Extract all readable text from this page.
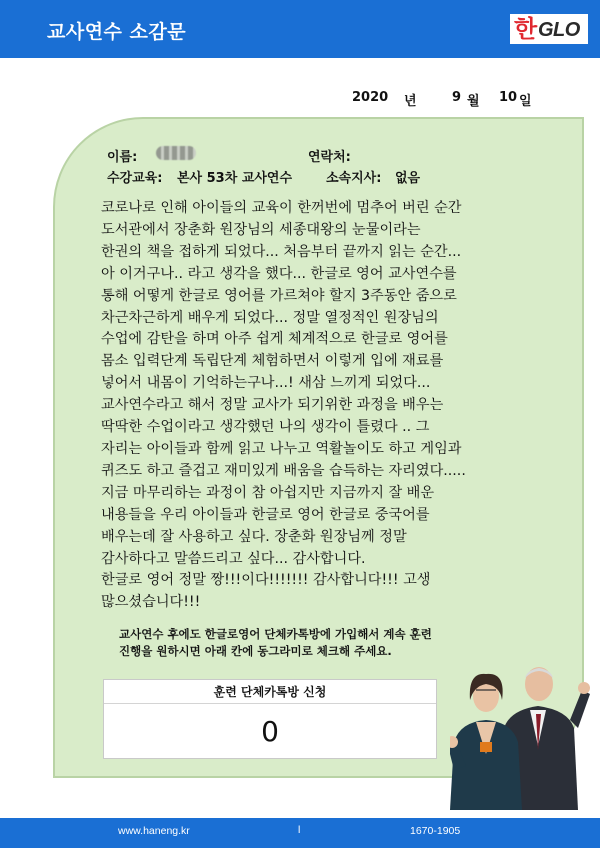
교사연수 소감문	한 GLO
2020 년	9 월 10 일
이름:	연락처:
수강교육: 본사 53차 교사연수	소속지사: 없음
코로나로 인해 아이들의 교육이 한꺼번에 멈추어 버린 순간
도서관에서 장춘화 원장님의 세종대왕의 눈물이라는
한권의 책을 접하게 되었다... 처음부터 끝까지 읽는 순간...
아 이거구나.. 라고 생각을 했다... 한글로 영어 교사연수를
통해 어떻게 한글로 영어를 가르쳐야 할지 3주동안 줌으로
차근차근하게 배우게 되었다... 정말 열정적인 원장님의
수업에 감탄을 하며 아주 쉽게 체계적으로 한글로 영어를
몸소 입력단계 독립단계 체험하면서 이렇게 입에 재료를
넣어서 내몸이 기억하는구나...! 새삼 느끼게 되었다...
교사연수라고 해서 정말 교사가 되기위한 과정을 배우는
딱딱한 수업이라고 생각했던 나의 생각이 틀렸다 .. 그
자리는 아이들과 함께 읽고 나누고 역활놀이도 하고 게임과
퀴즈도 하고 즐겁고 재미있게 배움을 습득하는 자리였다.....
지금 마무리하는 과정이 참 아쉽지만 지금까지 잘 배운
내용들을 우리 아이들과 한글로 영어 한글로 중국어를
배우는데 잘 사용하고 싶다. 장춘화 원장님께 정말
감사하다고 말씀드리고 싶다... 감사합니다.
한글로 영어 정말 짱!!!이다!!!!!!! 감사합니다!!! 고생
많으셨습니다!!!
교사연수 후에도 한글로영어 단체카톡방에 가입해서 계속 훈련
진행을 원하시면 아래 칸에 동그라미로 체크해 주세요.
훈련 단체카톡방 신청
0
www.haneng.kr	l	1670-1905
